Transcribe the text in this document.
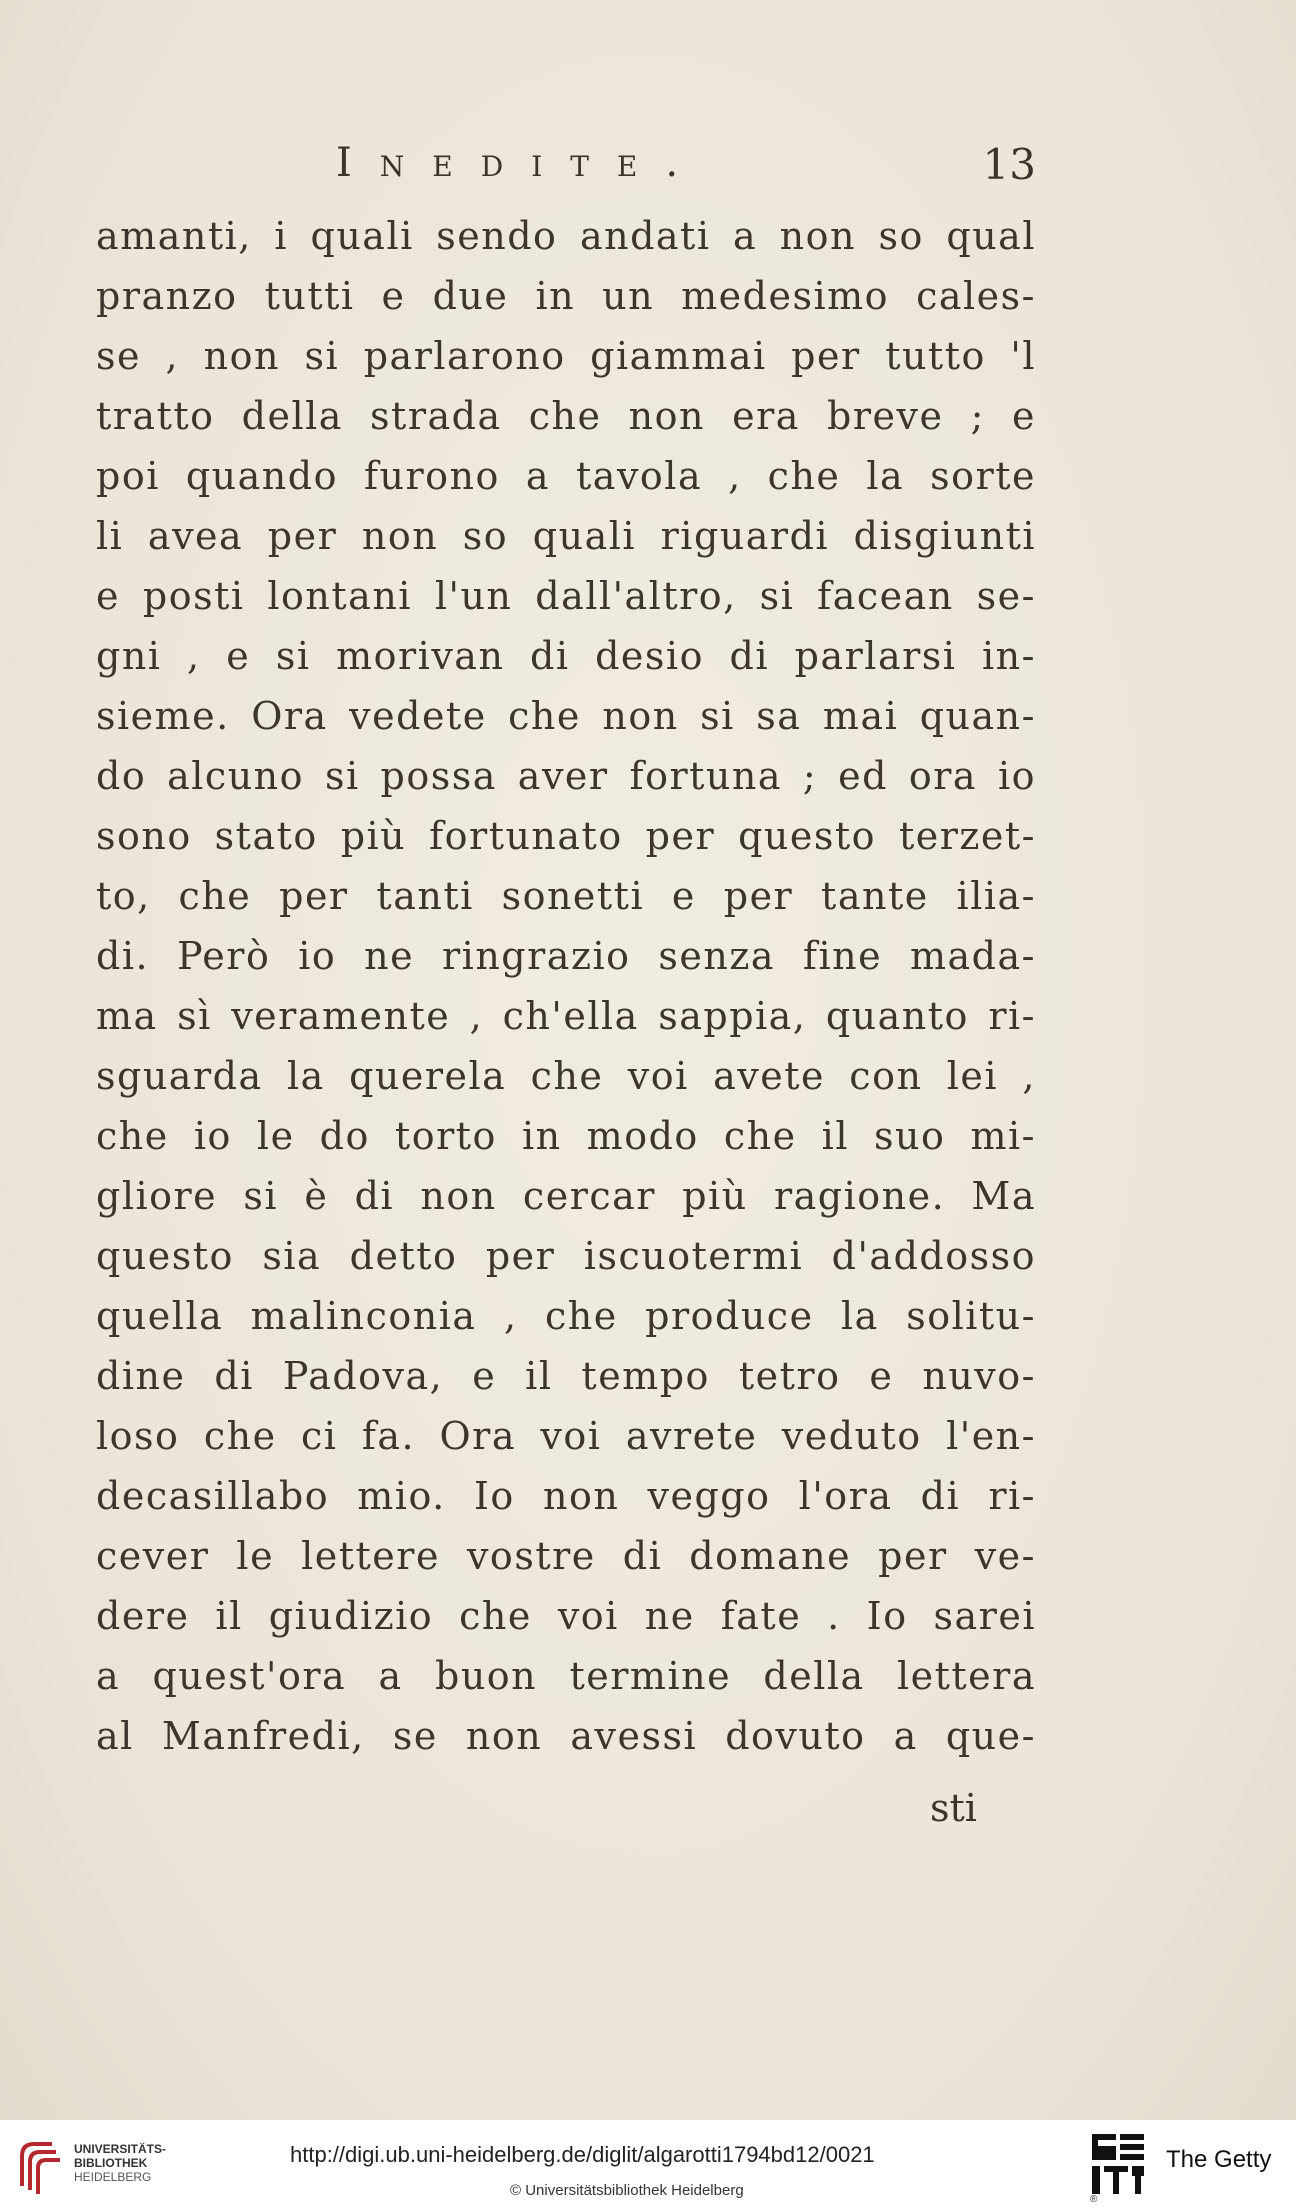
Inedite.	13
amanti, i quali sendo andati a non so qual
pranzo tutti e due in un medesimo cales-
se , non si parlarono giammai per tutto 'l
tratto della strada che non era breve ; e
poi quando furono a tavola , che la sorte
li avea per non so quali riguardi disgiunti
e posti lontani l'un dall'altro, si facean se-
gni , e si morivan di desio di parlarsi in-
sieme. Ora vedete che non si sa mai quan-
do alcuno si possa aver fortuna ; ed ora io
sono stato più fortunato per questo terzet-
to, che per tanti sonetti e per tante ilia-
di. Però io ne ringrazio senza fine mada-
ma sì veramente , ch'ella sappia, quanto ri-
sguarda la querela che voi avete con lei ,
che io le do torto in modo che il suo mi-
gliore si è di non cercar più ragione. Ma
questo sia detto per iscuotermi d'addosso
quella malinconia , che produce la solitu-
dine di Padova, e il tempo tetro e nuvo-
loso che ci fa. Ora voi avrete veduto l'en-
decasillabo mio. Io non veggo l'ora di ri-
cever le lettere vostre di domane per ve-
dere il giudizio che voi ne fate . Io sarei
a quest'ora a buon termine della lettera
al Manfredi, se non avessi dovuto a que-
sti
UNIVERSITÄTS-
BIBLIOTHEK
HEIDELBERG
http://digi.ub.uni-heidelberg.de/diglit/algarotti1794bd12/0021
© Universitätsbibliothek Heidelberg
The Getty
®
